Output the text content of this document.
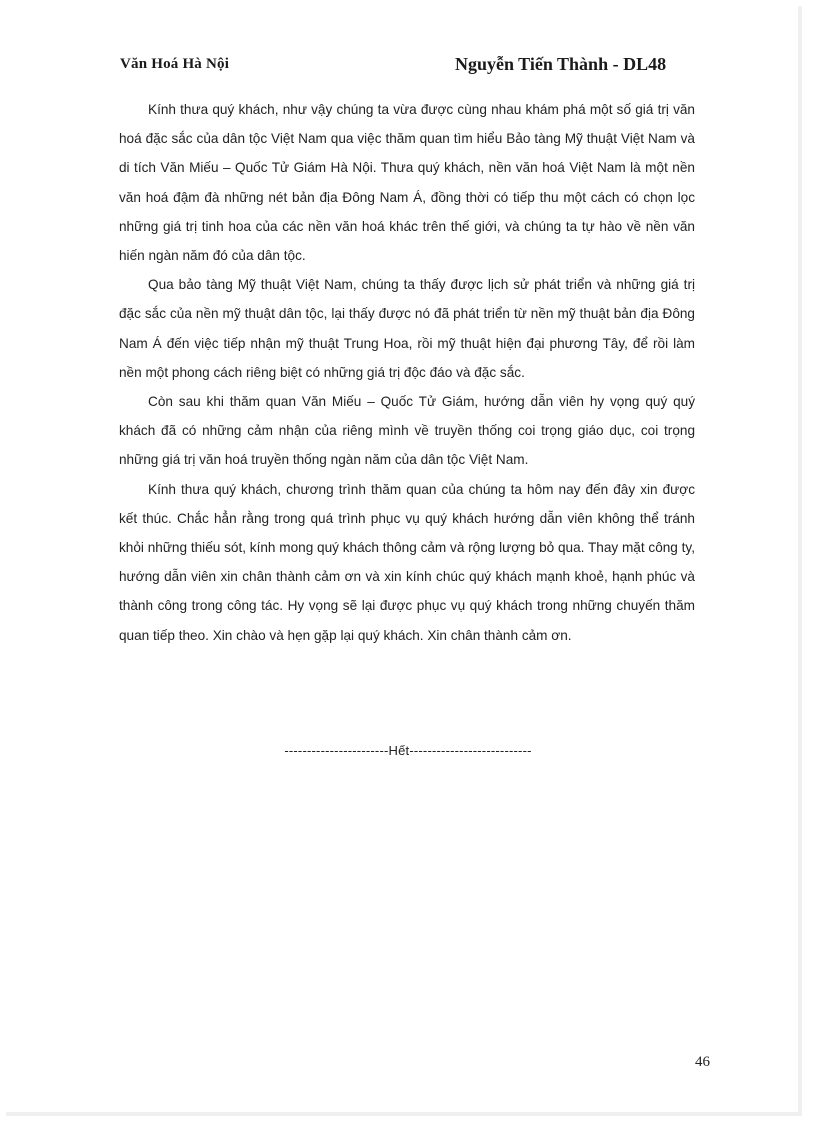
Văn Hoá Hà Nội	Nguyễn Tiến Thành - DL48

Kính thưa quý khách, như vậy chúng ta vừa được cùng nhau khám phá một số giá trị văn hoá đặc sắc của dân tộc Việt Nam qua việc thăm quan tìm hiểu Bảo tàng Mỹ thuật Việt Nam và di tích Văn Miếu – Quốc Tử Giám Hà Nội. Thưa quý khách, nền văn hoá Việt Nam là một nền văn hoá đậm đà những nét bản địa Đông Nam Á, đồng thời có tiếp thu một cách có chọn lọc những giá trị tinh hoa của các nền văn hoá khác trên thế giới, và chúng ta tự hào về nền văn hiến ngàn năm đó của dân tộc.

Qua bảo tàng Mỹ thuật Việt Nam, chúng ta thấy được lịch sử phát triển và những giá trị đặc sắc của nền mỹ thuật dân tộc, lại thấy được nó đã phát triển từ nền mỹ thuật bản địa Đông Nam Á đến việc tiếp nhận mỹ thuật Trung Hoa, rồi mỹ thuật hiện đại phương Tây, để rồi làm nền một phong cách riêng biệt có những giá trị độc đáo và đặc sắc.

Còn sau khi thăm quan Văn Miếu – Quốc Tử Giám, hướng dẫn viên hy vọng quý quý khách đã có những cảm nhận của riêng mình về truyền thống coi trọng giáo dục, coi trọng những giá trị văn hoá truyền thống ngàn năm của dân tộc Việt Nam.

Kính thưa quý khách, chương trình thăm quan của chúng ta hôm nay đến đây xin được kết thúc. Chắc hẳn rằng trong quá trình phục vụ quý khách hướng dẫn viên không thể tránh khỏi những thiếu sót, kính mong quý khách thông cảm và rộng lượng bỏ qua. Thay mặt công ty, hướng dẫn viên xin chân thành cảm ơn và xin kính chúc quý khách mạnh khoẻ, hạnh phúc và thành công trong công tác. Hy vọng sẽ lại được phục vụ quý khách trong những chuyến thăm quan tiếp theo. Xin chào và hẹn gặp lại quý khách. Xin chân thành cảm ơn.

-----------------------Hết---------------------------
46
